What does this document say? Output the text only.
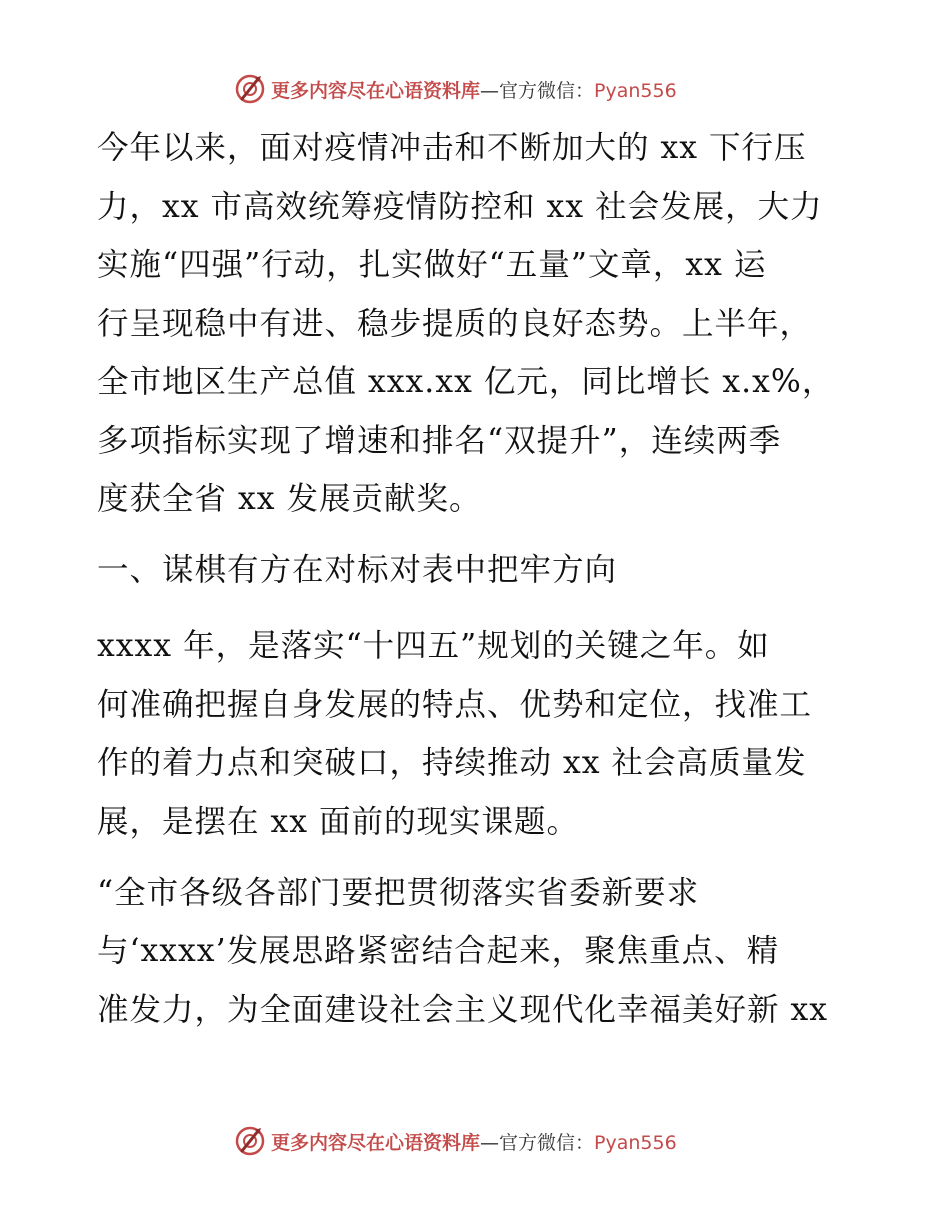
更多内容尽在心语资料库—官方微信：Pyan556
今年以来，面对疫情冲击和不断加大的 xx 下行压
力，xx 市高效统筹疫情防控和 xx 社会发展，大力
实施“四强”行动，扎实做好“五量”文章，xx 运
行呈现稳中有进、稳步提质的良好态势。上半年，
全市地区生产总值 xxx.xx 亿元，同比增长 x.x%，
多项指标实现了增速和排名“双提升”，连续两季
度获全省 xx 发展贡献奖。
一、谋棋有方在对标对表中把牢方向
xxxx 年，是落实“十四五”规划的关键之年。如
何准确把握自身发展的特点、优势和定位，找准工
作的着力点和突破口，持续推动 xx 社会高质量发
展，是摆在 xx 面前的现实课题。
“全市各级各部门要把贯彻落实省委新要求
与‘xxxx’发展思路紧密结合起来，聚焦重点、精
准发力，为全面建设社会主义现代化幸福美好新 xx
更多内容尽在心语资料库—官方微信：Pyan556
